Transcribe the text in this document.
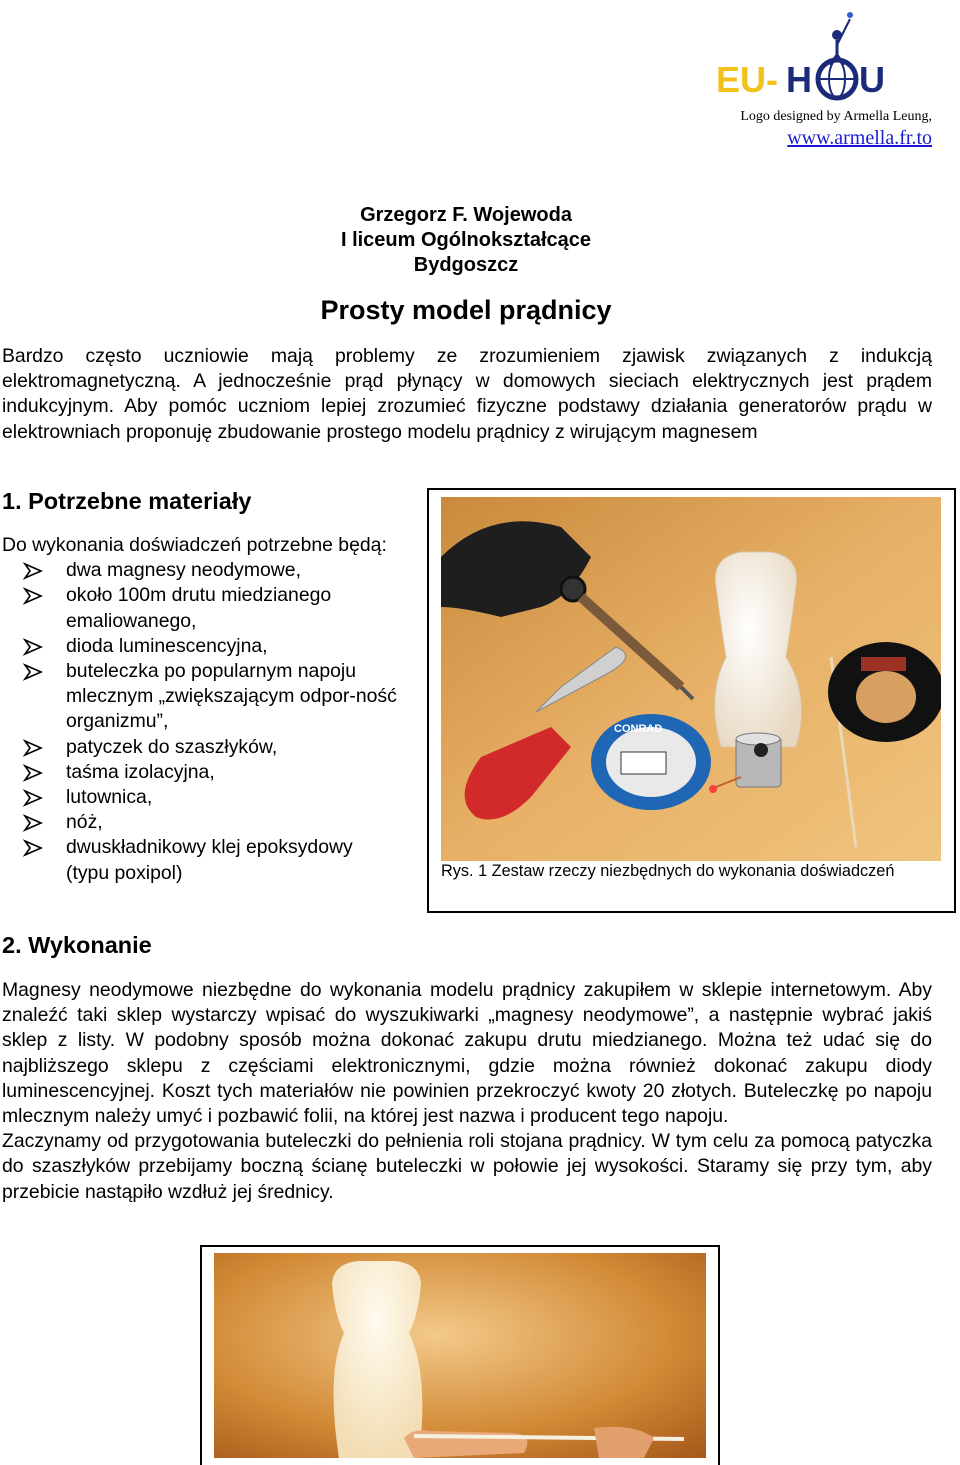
EU- H U
Logo designed by Armella Leung,
www.armella.fr.to
Grzegorz F. Wojewoda
I liceum Ogólnokształcące
Bydgoszcz
Prosty model prądnicy
Bardzo często uczniowie mają problemy ze zrozumieniem zjawisk związanych z indukcją elektromagnetyczną. A jednocześnie prąd płynący w domowych sieciach elektrycznych jest prądem indukcyjnym. Aby pomóc uczniom lepiej zrozumieć fizyczne podstawy działania generatorów prądu w elektrowniach proponuję zbudowanie prostego modelu prądnicy z wirującym magnesem
1. Potrzebne materiały

Do wykonania doświadczeń potrzebne będą:

dwa magnesy neodymowe,
około 100m drutu miedzianego emaliowanego,
dioda luminescencyjna,
buteleczka po popularnym napoju mlecznym „zwiększającym odpor-ność organizmu”,
patyczek do szaszłyków,
taśma izolacyjna,
lutownica,
nóż,
dwuskładnikowy klej epoksydowy (typu poxipol)
CONRAD
Rys. 1 Zestaw rzeczy niezbędnych do wykonania doświadczeń
2. Wykonanie
Magnesy neodymowe niezbędne do wykonania modelu prądnicy zakupiłem w sklepie internetowym. Aby znaleźć taki sklep wystarczy wpisać do wyszukiwarki „magnesy neodymowe”, a następnie wybrać jakiś sklep z listy. W podobny sposób można dokonać zakupu drutu miedzianego. Można też udać się do najbliższego sklepu z częściami elektronicznymi, gdzie można również dokonać zakupu diody luminescencyjnej. Koszt tych materiałów nie powinien przekroczyć kwoty 20 złotych. Buteleczkę po napoju mlecznym należy umyć i pozbawić folii, na której jest nazwa i producent tego napoju.
Zaczynamy od przygotowania buteleczki do pełnienia roli stojana prądnicy. W tym celu za pomocą patyczka do szaszłyków przebijamy boczną ścianę buteleczki w połowie jej wysokości. Staramy się przy tym, aby przebicie nastąpiło wzdłuż jej średnicy.
